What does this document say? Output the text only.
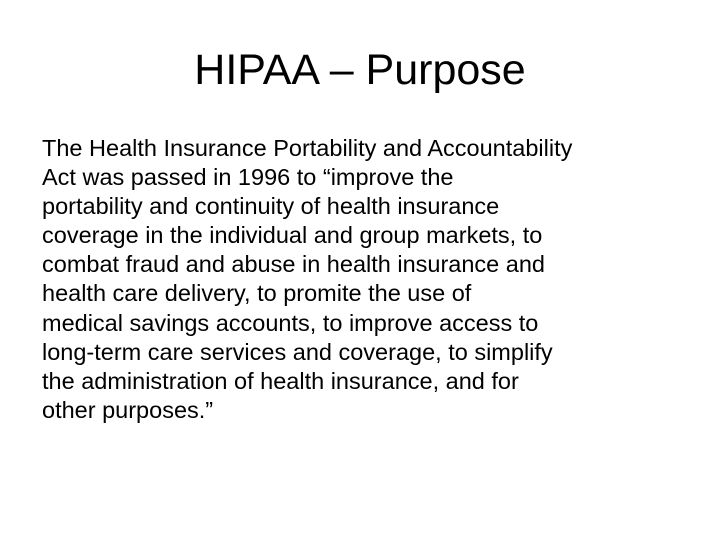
HIPAA – Purpose

The Health Insurance Portability and Accountability
Act was passed in 1996 to “improve the
portability and continuity of health insurance
coverage in the individual and group markets, to
combat fraud and abuse in health insurance and
health care delivery, to promite the use of
medical savings accounts, to improve access to
long-term care services and coverage, to simplify
the administration of health insurance, and for
other purposes.”
